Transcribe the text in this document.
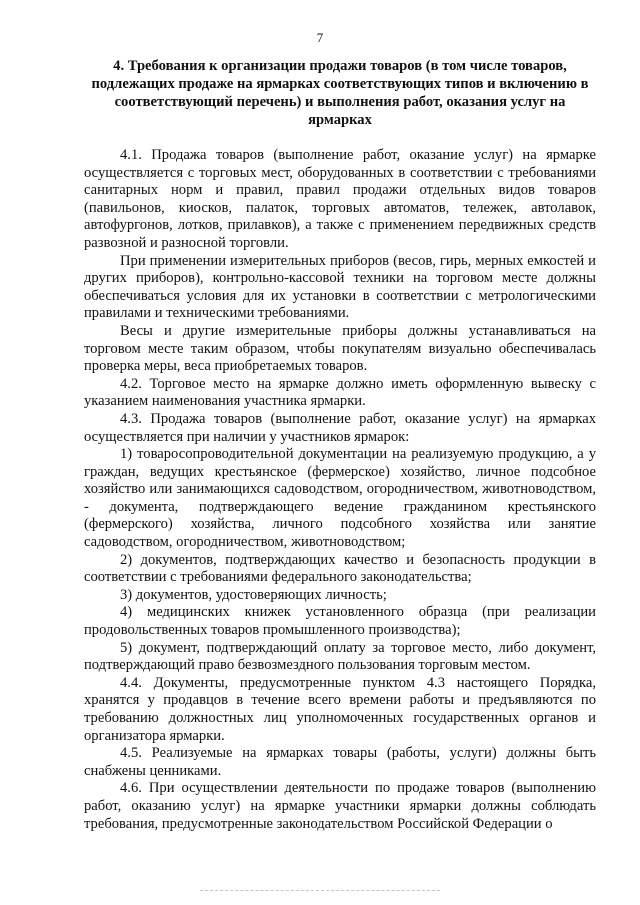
7
4. Требования к организации продажи товаров (в том числе товаров, подлежащих продаже на ярмарках соответствующих типов и включению в соответствующий перечень) и выполнения работ, оказания услуг на ярмарках

4.1. Продажа товаров (выполнение работ, оказание услуг) на ярмарке осуществляется с торговых мест, оборудованных в соответствии с требованиями санитарных норм и правил, правил продажи отдельных видов товаров (павильонов, киосков, палаток, торговых автоматов, тележек, автолавок, автофургонов, лотков, прилавков), а также с применением передвижных средств развозной и разносной торговли.

При применении измерительных приборов (весов, гирь, мерных емкостей и других приборов), контрольно-кассовой техники на торговом месте должны обеспечиваться условия для их установки в соответствии с метрологическими правилами и техническими требованиями.

Весы и другие измерительные приборы должны устанавливаться на торговом месте таким образом, чтобы покупателям визуально обеспечивалась проверка меры, веса приобретаемых товаров.

4.2. Торговое место на ярмарке должно иметь оформленную вывеску с указанием наименования участника ярмарки.

4.3. Продажа товаров (выполнение работ, оказание услуг) на ярмарках осуществляется при наличии у участников ярмарок:

1) товаросопроводительной документации на реализуемую продукцию, а у граждан, ведущих крестьянское (фермерское) хозяйство, личное подсобное хозяйство или занимающихся садоводством, огородничеством, животноводством, - документа, подтверждающего ведение гражданином крестьянского (фермерского) хозяйства, личного подсобного хозяйства или занятие садоводством, огородничеством, животноводством;

2) документов, подтверждающих качество и безопасность продукции в соответствии с требованиями федерального законодательства;

3) документов, удостоверяющих личность;

4) медицинских книжек установленного образца (при реализации продовольственных товаров промышленного производства);

5) документ, подтверждающий оплату за торговое место, либо документ, подтверждающий право безвозмездного пользования торговым местом.

4.4. Документы, предусмотренные пунктом 4.3 настоящего Порядка, хранятся у продавцов в течение всего времени работы и предъявляются по требованию должностных лиц уполномоченных государственных органов и организатора ярмарки.

4.5. Реализуемые на ярмарках товары (работы, услуги) должны быть снабжены ценниками.

4.6. При осуществлении деятельности по продаже товаров (выполнению работ, оказанию услуг) на ярмарке участники ярмарки должны соблюдать требования, предусмотренные законодательством Российской Федерации о
